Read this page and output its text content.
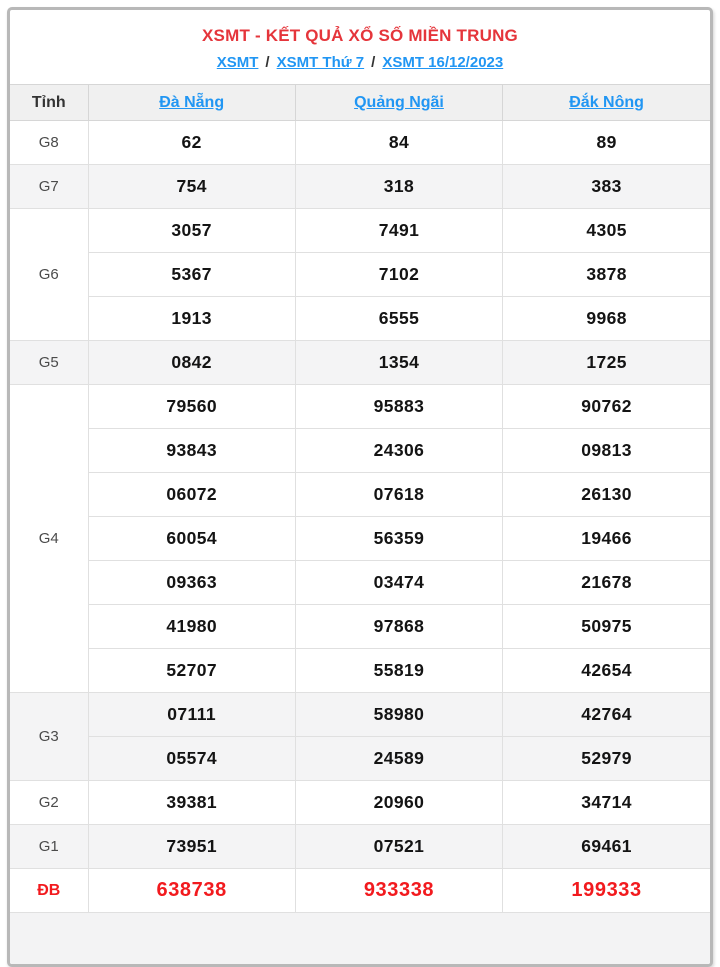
XSMT - KẾT QUẢ XỔ SỐ MIỀN TRUNG
XSMT / XSMT Thứ 7 / XSMT 16/12/2023
Tỉnh	Đà Nẵng	Quảng Ngãi	Đắk Nông
G8	62	84	89
G7	754	318	383
G6	3057	7491	4305
	5367	7102	3878
	1913	6555	9968
G5	0842	1354	1725
G4	79560	95883	90762
	93843	24306	09813
	06072	07618	26130
	60054	56359	19466
	09363	03474	21678
	41980	97868	50975
	52707	55819	42654
G3	07111	58980	42764
	05574	24589	52979
G2	39381	20960	34714
G1	73951	07521	69461
ĐB	638738	933338	199333
